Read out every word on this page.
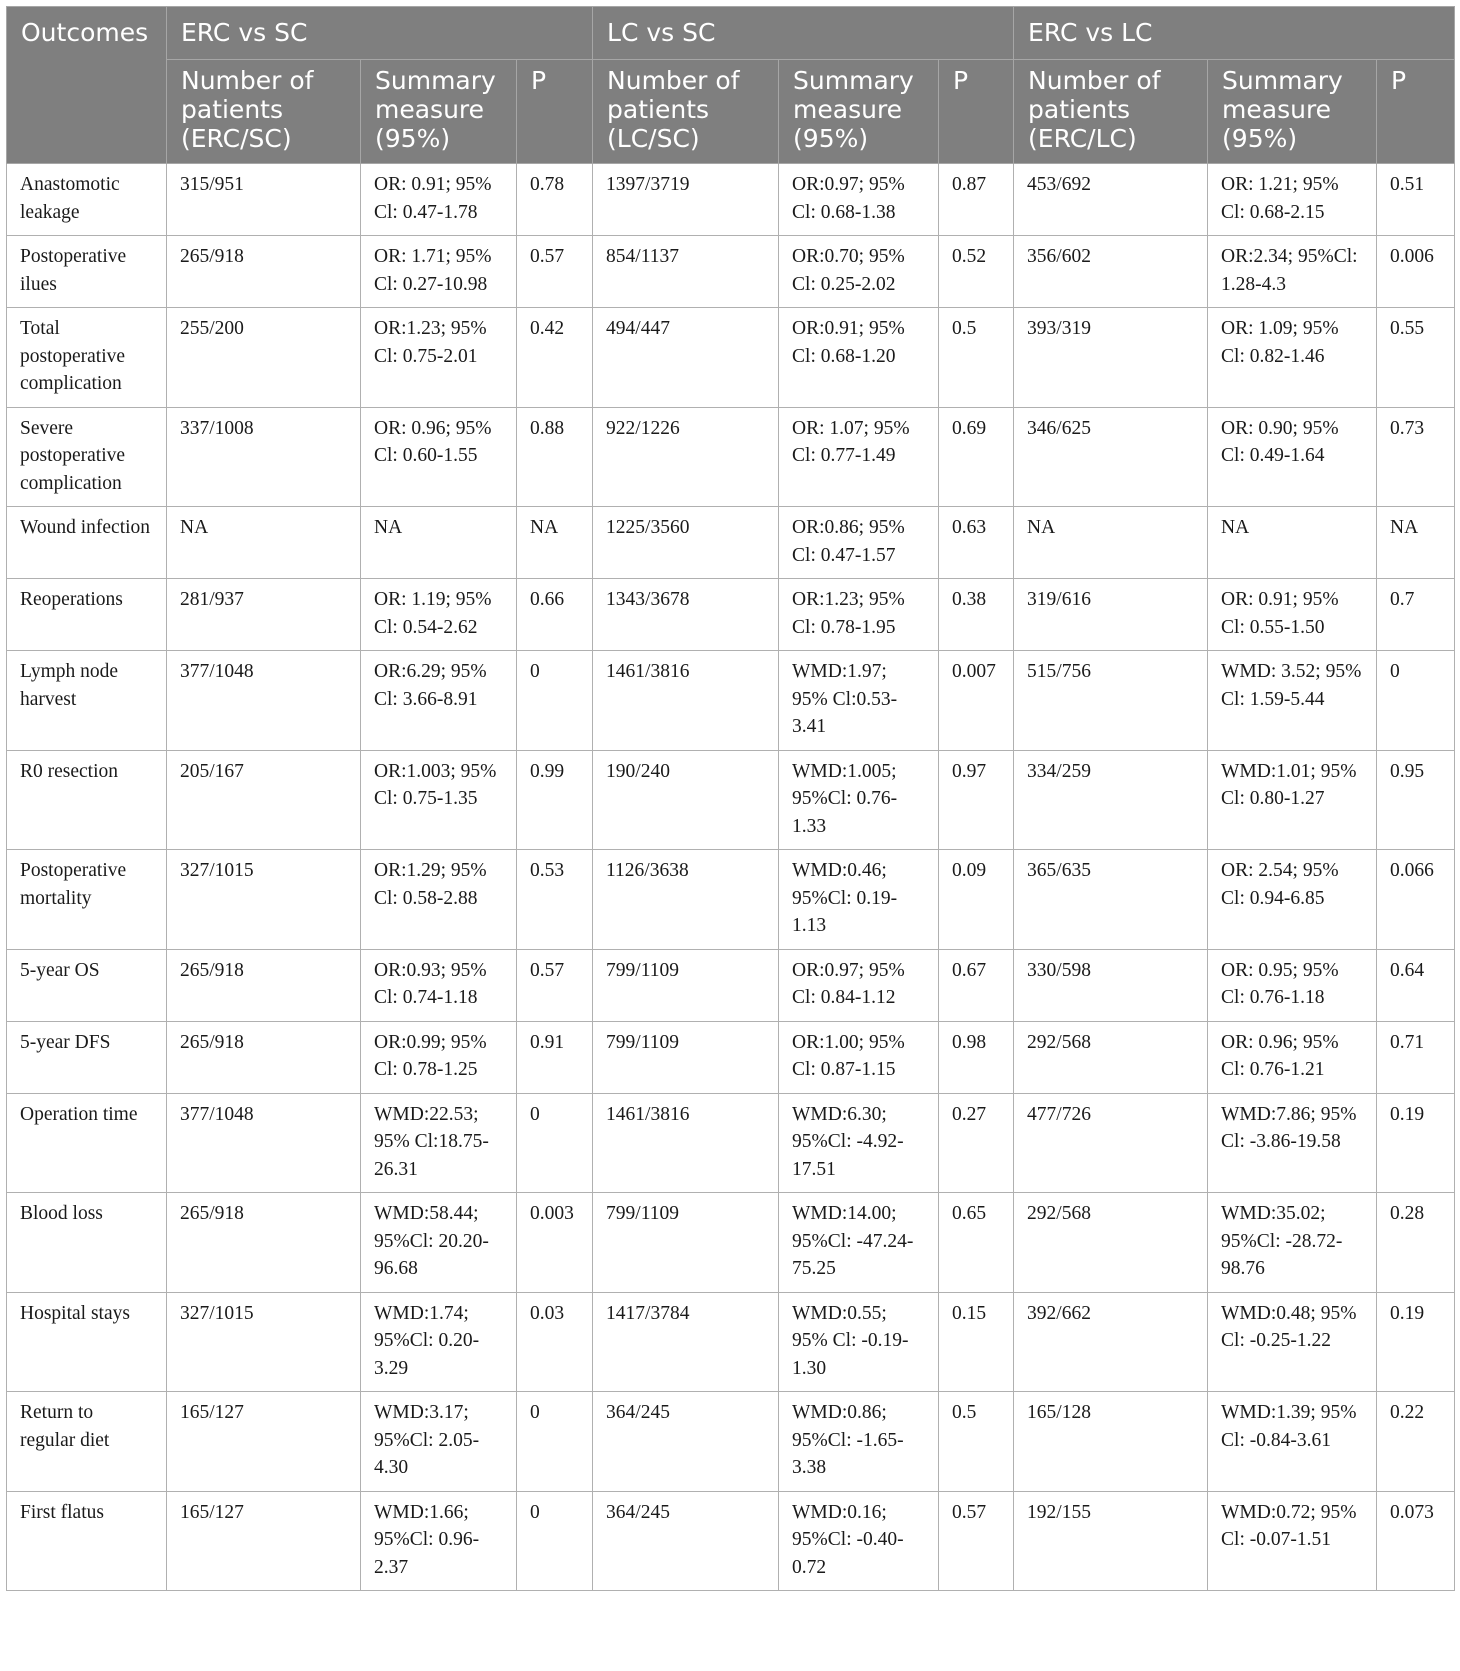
Outcomes	ERC vs SC			LC vs SC			ERC vs LC		
	Number of patients (ERC/SC)	Summary measure (95%)	P	Number of patients (LC/SC)	Summary measure (95%)	P	Number of patients (ERC/LC)	Summary measure (95%)	P
Anastomotic leakage	315/951	OR: 0.91; 95% Cl: 0.47-1.78	0.78	1397/3719	OR:0.97; 95% Cl: 0.68-1.38	0.87	453/692	OR: 1.21; 95% Cl: 0.68-2.15	0.51
Postoperative ilues	265/918	OR: 1.71; 95% Cl: 0.27-10.98	0.57	854/1137	OR:0.70; 95% Cl: 0.25-2.02	0.52	356/602	OR:2.34; 95%Cl: 1.28-4.3	0.006
Total postoperative complication	255/200	OR:1.23; 95% Cl: 0.75-2.01	0.42	494/447	OR:0.91; 95% Cl: 0.68-1.20	0.5	393/319	OR: 1.09; 95% Cl: 0.82-1.46	0.55
Severe postoperative complication	337/1008	OR: 0.96; 95% Cl: 0.60-1.55	0.88	922/1226	OR: 1.07; 95% Cl: 0.77-1.49	0.69	346/625	OR: 0.90; 95% Cl: 0.49-1.64	0.73
Wound infection	NA	NA	NA	1225/3560	OR:0.86; 95% Cl: 0.47-1.57	0.63	NA	NA	NA
Reoperations	281/937	OR: 1.19; 95% Cl: 0.54-2.62	0.66	1343/3678	OR:1.23; 95% Cl: 0.78-1.95	0.38	319/616	OR: 0.91; 95% Cl: 0.55-1.50	0.7
Lymph node harvest	377/1048	OR:6.29; 95% Cl: 3.66-8.91	0	1461/3816	WMD:1.97; 95% Cl:0.53-3.41	0.007	515/756	WMD: 3.52; 95% Cl: 1.59-5.44	0
R0 resection	205/167	OR:1.003; 95% Cl: 0.75-1.35	0.99	190/240	WMD:1.005; 95%Cl: 0.76-1.33	0.97	334/259	WMD:1.01; 95% Cl: 0.80-1.27	0.95
Postoperative mortality	327/1015	OR:1.29; 95% Cl: 0.58-2.88	0.53	1126/3638	WMD:0.46; 95%Cl: 0.19-1.13	0.09	365/635	OR: 2.54; 95% Cl: 0.94-6.85	0.066
5-year OS	265/918	OR:0.93; 95% Cl: 0.74-1.18	0.57	799/1109	OR:0.97; 95% Cl: 0.84-1.12	0.67	330/598	OR: 0.95; 95% Cl: 0.76-1.18	0.64
5-year DFS	265/918	OR:0.99; 95% Cl: 0.78-1.25	0.91	799/1109	OR:1.00; 95% Cl: 0.87-1.15	0.98	292/568	OR: 0.96; 95% Cl: 0.76-1.21	0.71
Operation time	377/1048	WMD:22.53; 95% Cl:18.75-26.31	0	1461/3816	WMD:6.30; 95%Cl: -4.92-17.51	0.27	477/726	WMD:7.86; 95% Cl: -3.86-19.58	0.19
Blood loss	265/918	WMD:58.44; 95%Cl: 20.20-96.68	0.003	799/1109	WMD:14.00; 95%Cl: -47.24-75.25	0.65	292/568	WMD:35.02; 95%Cl: -28.72-98.76	0.28
Hospital stays	327/1015	WMD:1.74; 95%Cl: 0.20-3.29	0.03	1417/3784	WMD:0.55; 95% Cl: -0.19-1.30	0.15	392/662	WMD:0.48; 95% Cl: -0.25-1.22	0.19
Return to regular diet	165/127	WMD:3.17; 95%Cl: 2.05-4.30	0	364/245	WMD:0.86; 95%Cl: -1.65-3.38	0.5	165/128	WMD:1.39; 95% Cl: -0.84-3.61	0.22
First flatus	165/127	WMD:1.66; 95%Cl: 0.96-2.37	0	364/245	WMD:0.16; 95%Cl: -0.40-0.72	0.57	192/155	WMD:0.72; 95% Cl: -0.07-1.51	0.073
